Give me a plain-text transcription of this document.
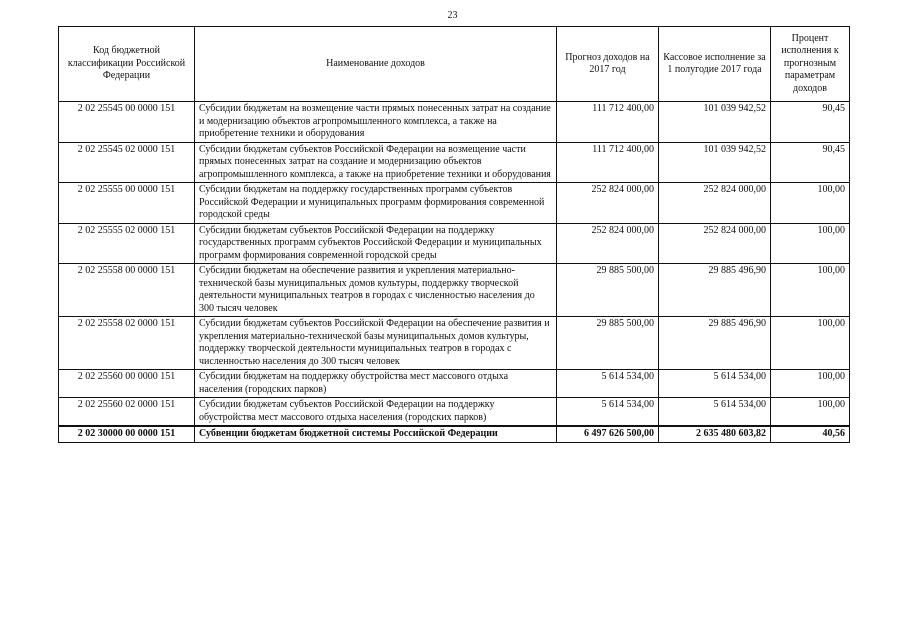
23
Код бюджетной классификации Российской Федерации	Наименование доходов	Прогноз доходов на 2017 год	Кассовое исполнение за 1 полугодие 2017 года	Процент исполнения к прогнозным параметрам доходов
2 02 25545 00 0000 151	Субсидии бюджетам на возмещение части прямых понесенных затрат на создание и модернизацию объектов агропромышленного комплекса, а также на приобретение техники и оборудования	111 712 400,00	101 039 942,52	90,45
2 02 25545 02 0000 151	Субсидии бюджетам субъектов Российской Федерации на возмещение части прямых понесенных затрат на создание и модернизацию объектов агропромышленного комплекса, а также на приобретение техники и оборудования	111 712 400,00	101 039 942,52	90,45
2 02 25555 00 0000 151	Субсидии бюджетам на поддержку государственных программ субъектов Российской Федерации и муниципальных программ формирования современной городской среды	252 824 000,00	252 824 000,00	100,00
2 02 25555 02 0000 151	Субсидии бюджетам субъектов Российской Федерации на поддержку государственных программ субъектов Российской Федерации и муниципальных программ формирования современной городской среды	252 824 000,00	252 824 000,00	100,00
2 02 25558 00 0000 151	Субсидии бюджетам на обеспечение развития и укрепления материально-технической базы муниципальных домов культуры, поддержку творческой деятельности муниципальных театров в городах с численностью населения до 300 тысяч человек	29 885 500,00	29 885 496,90	100,00
2 02 25558 02 0000 151	Субсидии бюджетам субъектов Российской Федерации на обеспечение развития и укрепления материально-технической базы муниципальных домов культуры, поддержку творческой деятельности муниципальных театров в городах с численностью населения до 300 тысяч человек	29 885 500,00	29 885 496,90	100,00
2 02 25560 00 0000 151	Субсидии бюджетам на поддержку обустройства мест массового отдыха населения (городских парков)	5 614 534,00	5 614 534,00	100,00
2 02 25560 02 0000 151	Субсидии бюджетам субъектов Российской Федерации на поддержку обустройства мест массового отдыха населения (городских парков)	5 614 534,00	5 614 534,00	100,00
2 02 30000 00 0000 151	Субвенции бюджетам бюджетной системы Российской Федерации	6 497 626 500,00	2 635 480 603,82	40,56
